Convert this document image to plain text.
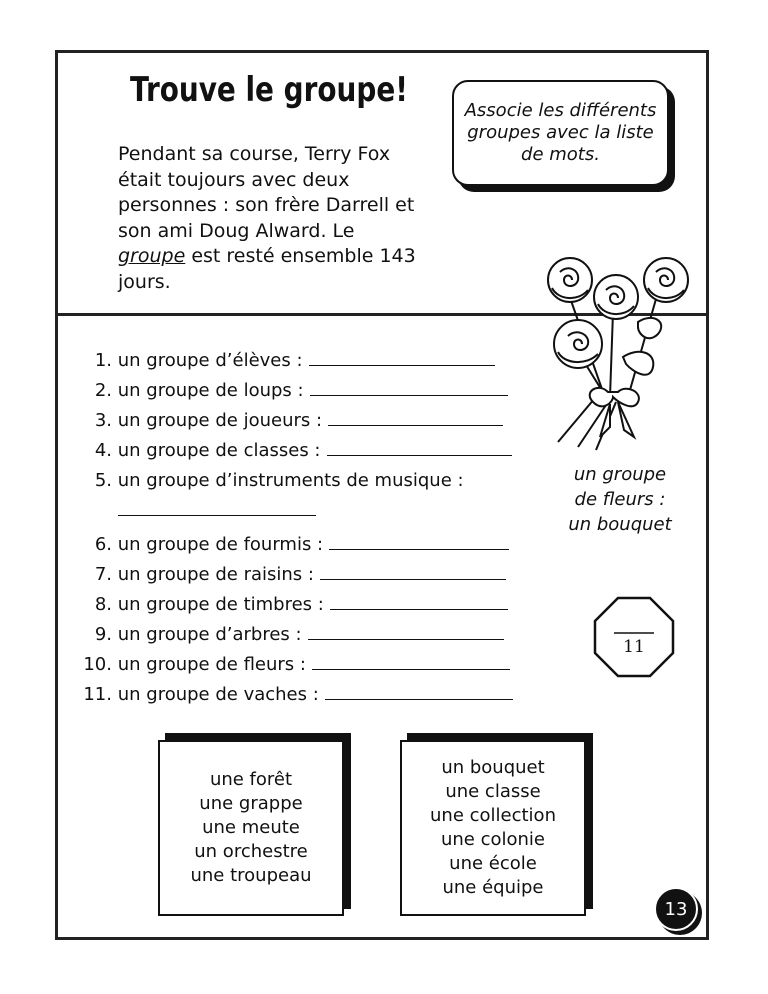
Trouve le groupe!
Pendant sa course, Terry Fox était toujours avec deux personnes : son frère Darrell et son ami Doug Alward. Le groupe est resté ensemble 143 jours.
Associe les différents groupes avec la liste de mots.
1. un groupe d’élèves :
2. un groupe de loups :
3. un groupe de joueurs :
4. un groupe de classes :
5. un groupe d’instruments de musique :
6. un groupe de fourmis :
7. un groupe de raisins :
8. un groupe de timbres :
9. un groupe d’arbres :
10. un groupe de fleurs :
11. un groupe de vaches :
un groupe
de fleurs :
un bouquet
11
une forêt
une grappe
une meute
un orchestre
une troupeau
un bouquet
une classe
une collection
une colonie
une école
une équipe
13
